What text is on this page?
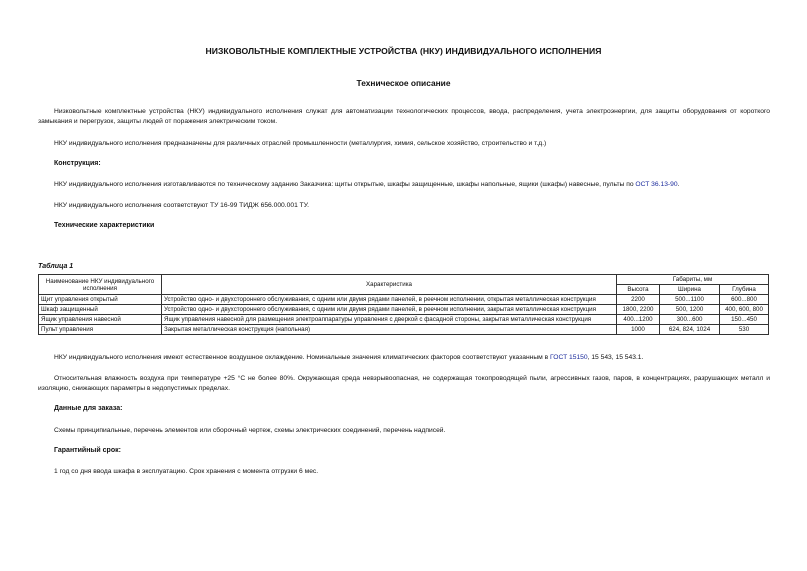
НИЗКОВОЛЬТНЫЕ КОМПЛЕКТНЫЕ УСТРОЙСТВА (НКУ) ИНДИВИДУАЛЬНОГО ИСПОЛНЕНИЯ
Техническое описание
Низковольтные комплектные устройства (НКУ) индивидуального исполнения служат для автоматизации технологических процессов, ввода, распределения, учета электроэнергии, для защиты оборудования от короткого замыкания и перегрузок, защиты людей от поражения электрическим током.
НКУ индивидуального исполнения предназначены для различных отраслей промышленности (металлургия, химия, сельское хозяйство, строительство и т.д.)
Конструкция:
НКУ индивидуального исполнения изготавливаются по техническому заданию Заказчика: щиты открытые, шкафы защищенные, шкафы напольные, ящики (шкафы) навесные, пульты по ОСТ 36.13-90.
НКУ индивидуального исполнения соответствуют ТУ 16-99 ТИДЖ 656.000.001 ТУ.
Технические характеристики
Таблица 1
Наименование НКУ индивидуального исполнения	Характеристика	Габариты, мм		
		Высота	Ширина	Глубина
Щит управления открытый	Устройство одно- и двухстороннего обслуживания, с одним или двумя рядами панелей, в реечном исполнении, открытая металлическая конструкция	2200	500...1100	600...800
Шкаф защищенный	Устройство одно- и двухстороннего обслуживания, с одним или двумя рядами панелей, в реечном исполнении, закрытая металлическая конструкция	1800, 2200	500, 1200	400, 600, 800
Ящик управления навесной	Ящик управления навесной для размещения электроаппаратуры управления с дверкой с фасадной стороны, закрытая металлическая конструкция	400...1200	300...600	150...450
Пульт управления	Закрытая металлическая конструкция (напольная)	1000	624, 824, 1024	530
НКУ индивидуального исполнения имеют естественное воздушное охлаждение. Номинальные значения климатических факторов соответствуют указанным в ГОСТ 15150, 15 543, 15 543.1.
Относительная влажность воздуха при температуре +25 °С не более 80%. Окружающая среда невзрывоопасная, не содержащая токопроводящей пыли, агрессивных газов, паров, в концентрациях, разрушающих металл и изоляцию, снижающих параметры в недопустимых пределах.
Данные для заказа:
Схемы принципиальные, перечень элементов или сборочный чертеж, схемы электрических соединений, перечень надписей.
Гарантийный срок:
1 год со дня ввода шкафа в эксплуатацию. Срок хранения с момента отгрузки 6 мес.
